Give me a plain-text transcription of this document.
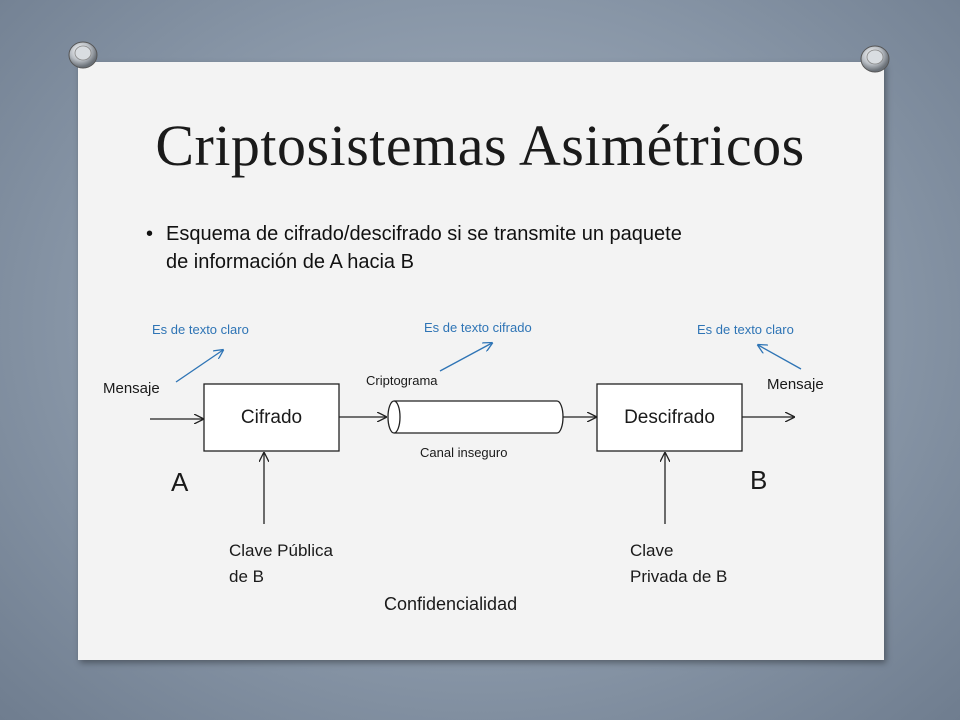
Criptosistemas Asimétricos
• Esquema de cifrado/descifrado si se transmite un paquete de información de A hacia B
Es de texto claro	Es de texto cifrado	Es de texto claro
Mensaje	Mensaje
Cifrado	Descifrado
Criptograma
Canal inseguro
A	B
Clave Pública
de B
Clave
Privada de B
Confidencialidad
